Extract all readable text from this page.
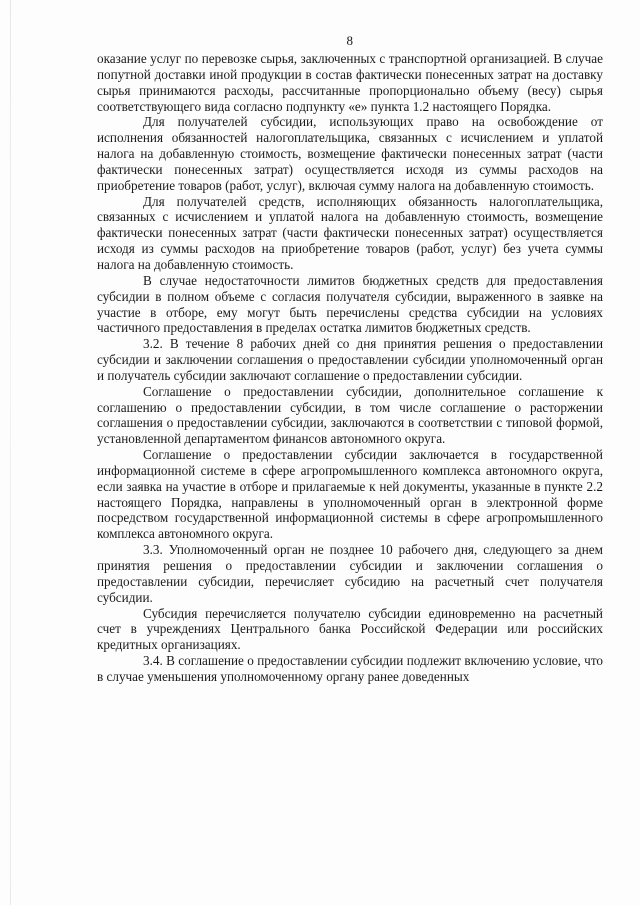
8

оказание услуг по перевозке сырья, заключенных с транспортной организацией. В случае попутной доставки иной продукции в состав фактически понесенных затрат на доставку сырья принимаются расходы, рассчитанные пропорционально объему (весу) сырья соответствующего вида согласно подпункту «е» пункта 1.2 настоящего Порядка.

Для получателей субсидии, использующих право на освобождение от исполнения обязанностей налогоплательщика, связанных с исчислением и уплатой налога на добавленную стоимость, возмещение фактически понесенных затрат (части фактически понесенных затрат) осуществляется исходя из суммы расходов на приобретение товаров (работ, услуг), включая сумму налога на добавленную стоимость.

Для получателей средств, исполняющих обязанность налогоплательщика, связанных с исчислением и уплатой налога на добавленную стоимость, возмещение фактически понесенных затрат (части фактически понесенных затрат) осуществляется исходя из суммы расходов на приобретение товаров (работ, услуг) без учета суммы налога на добавленную стоимость.

В случае недостаточности лимитов бюджетных средств для предоставления субсидии в полном объеме с согласия получателя субсидии, выраженного в заявке на участие в отборе, ему могут быть перечислены средства субсидии на условиях частичного предоставления в пределах остатка лимитов бюджетных средств.

3.2. В течение 8 рабочих дней со дня принятия решения о предоставлении субсидии и заключении соглашения о предоставлении субсидии уполномоченный орган и получатель субсидии заключают соглашение о предоставлении субсидии.

Соглашение о предоставлении субсидии, дополнительное соглашение к соглашению о предоставлении субсидии, в том числе соглашение о расторжении соглашения о предоставлении субсидии, заключаются в соответствии с типовой формой, установленной департаментом финансов автономного округа.

Соглашение о предоставлении субсидии заключается в государственной информационной системе в сфере агропромышленного комплекса автономного округа, если заявка на участие в отборе и прилагаемые к ней документы, указанные в пункте 2.2 настоящего Порядка, направлены в уполномоченный орган в электронной форме посредством государственной информационной системы в сфере агропромышленного комплекса автономного округа.

3.3. Уполномоченный орган не позднее 10 рабочего дня, следующего за днем принятия решения о предоставлении субсидии и заключении соглашения о предоставлении субсидии, перечисляет субсидию на расчетный счет получателя субсидии.

Субсидия перечисляется получателю субсидии единовременно на расчетный счет в учреждениях Центрального банка Российской Федерации или российских кредитных организациях.

3.4. В соглашение о предоставлении субсидии подлежит включению условие, что в случае уменьшения уполномоченному органу ранее доведенных
